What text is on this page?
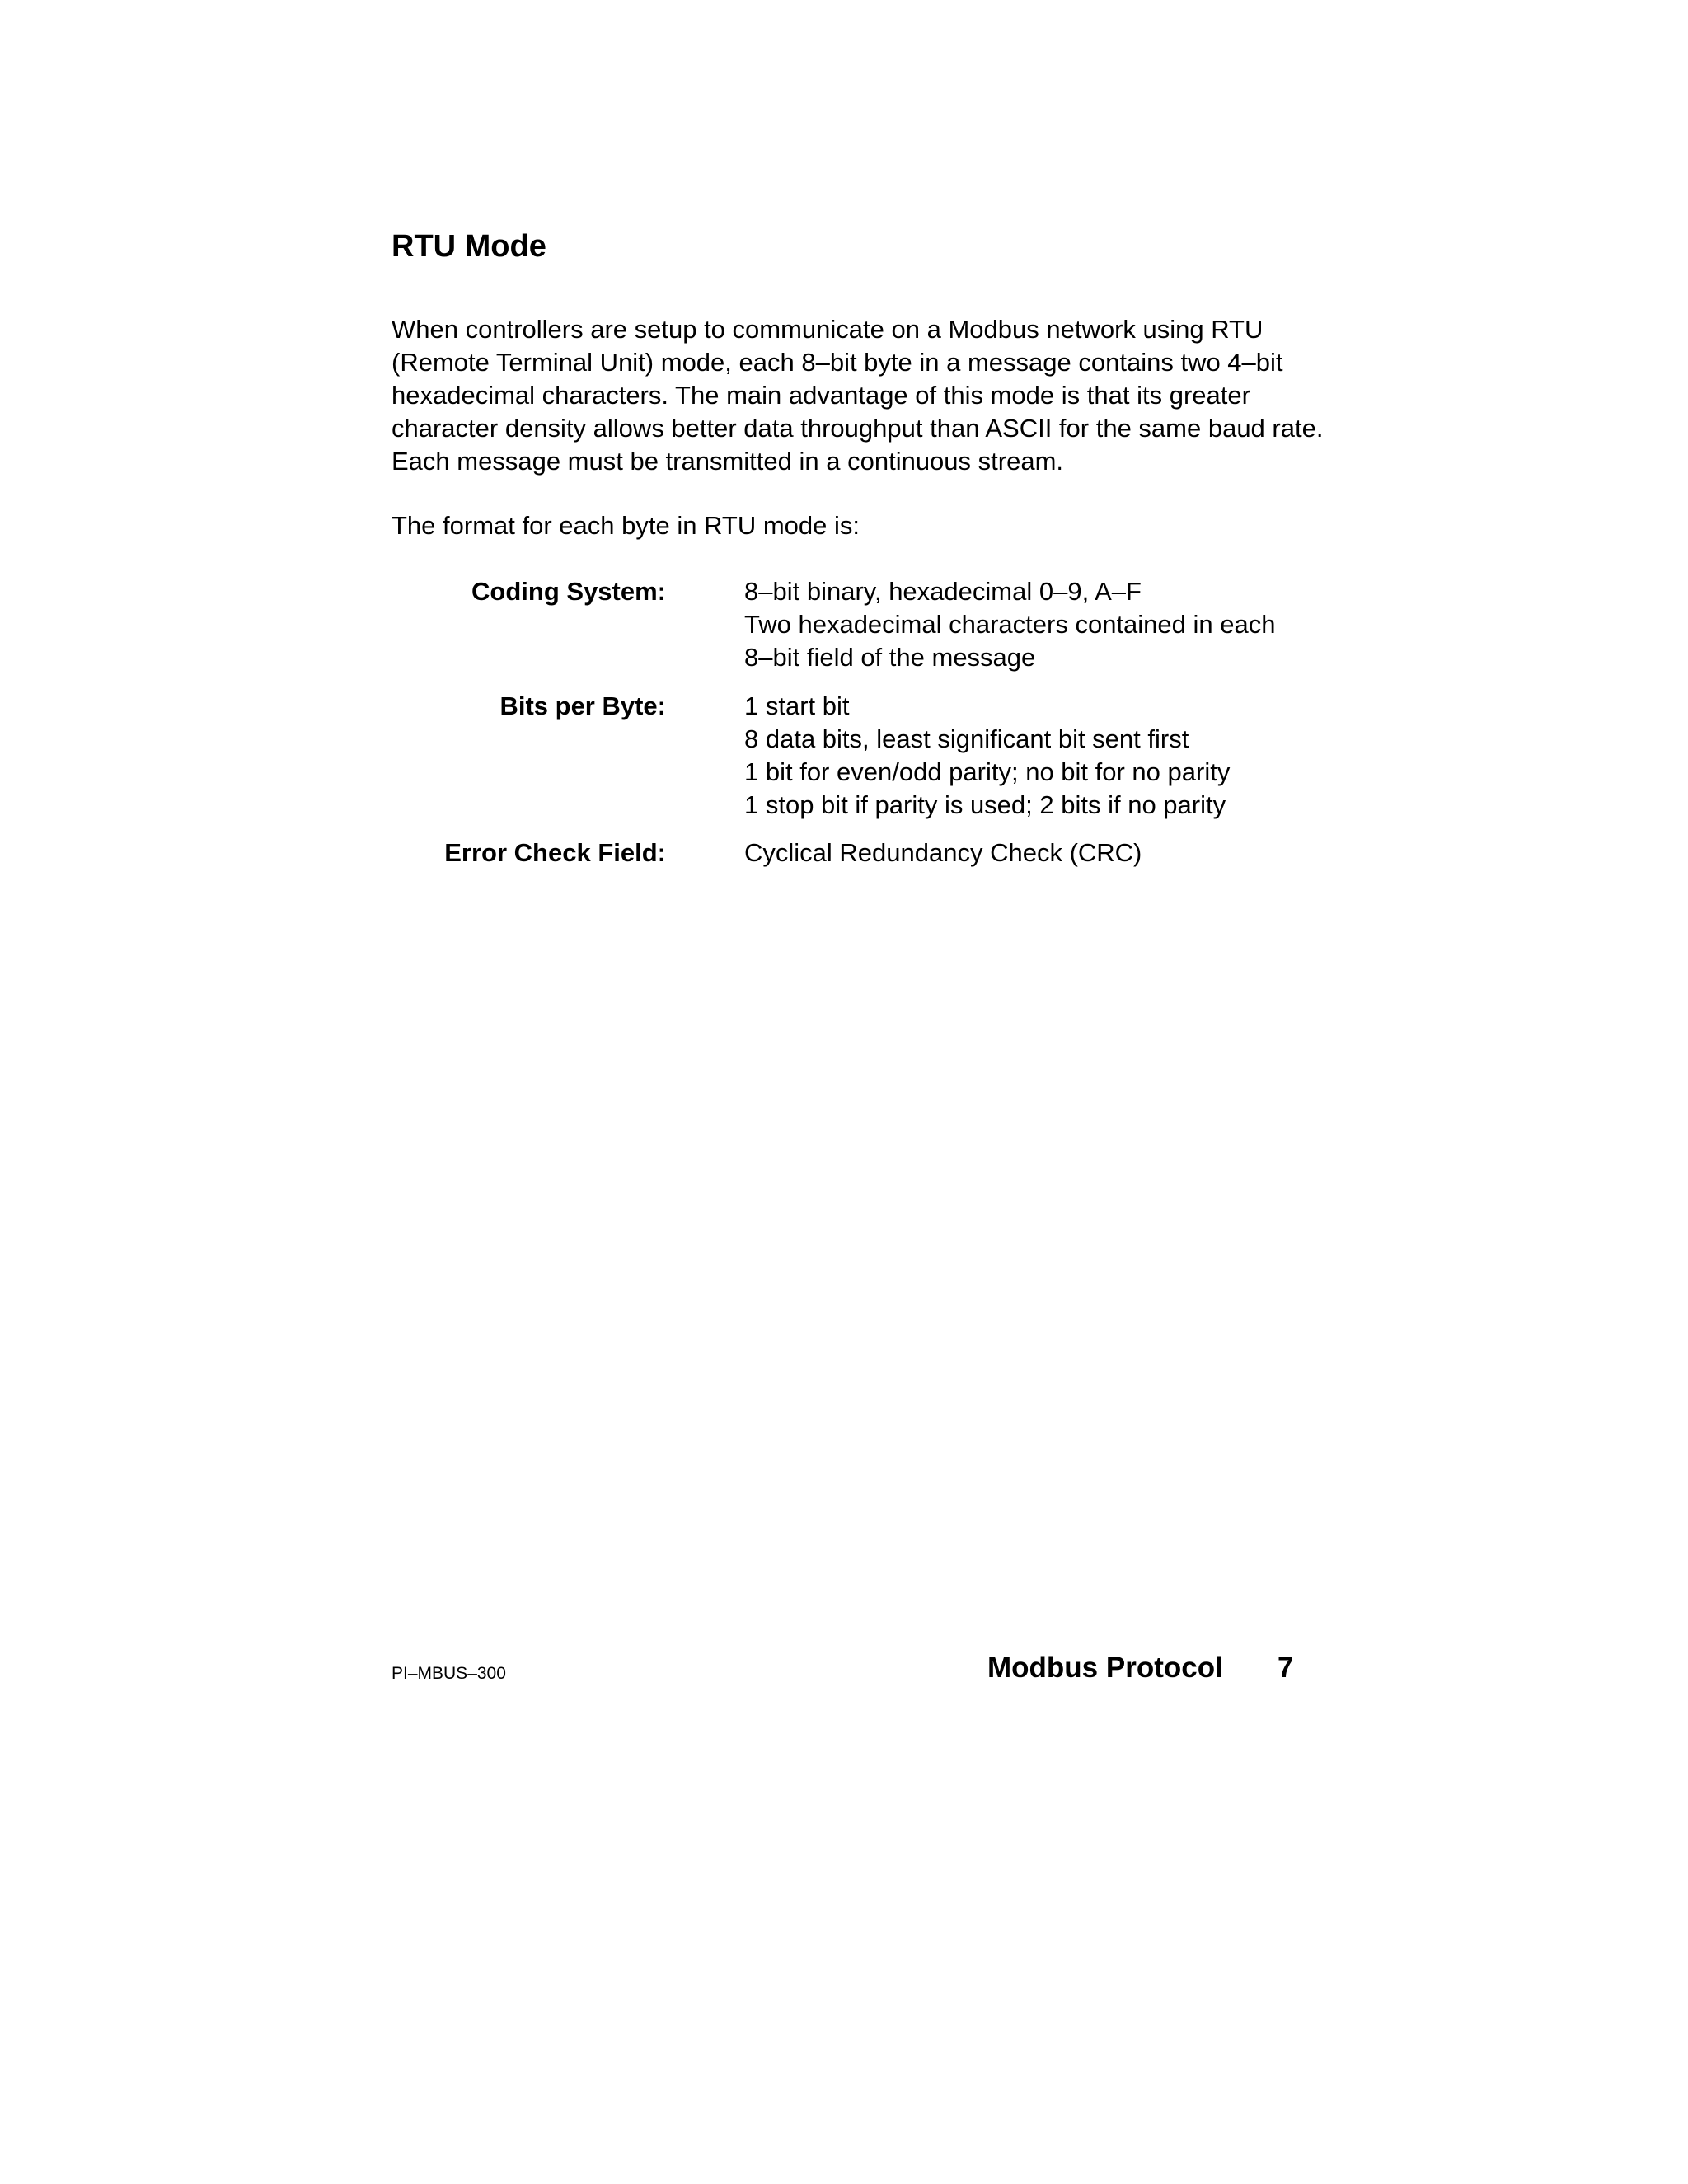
RTU Mode

When controllers are setup to communicate on a Modbus network using RTU
(Remote Terminal Unit) mode, each 8–bit byte in a message contains two 4–bit
hexadecimal characters. The main advantage of this mode is that its greater
character density allows better data throughput than ASCII for the same baud rate.
Each message must be transmitted in a continuous stream.

The format for each byte in RTU mode is:

Coding System:	8–bit binary, hexadecimal 0–9, A–F
Two hexadecimal characters contained in each
8–bit field of the message
Bits per Byte:	1 start bit
8 data bits, least significant bit sent first
1 bit for even/odd parity; no bit for no parity
1 stop bit if parity is used; 2 bits if no parity
Error Check Field:	Cyclical Redundancy Check (CRC)
PI–MBUS–300	Modbus Protocol 7
